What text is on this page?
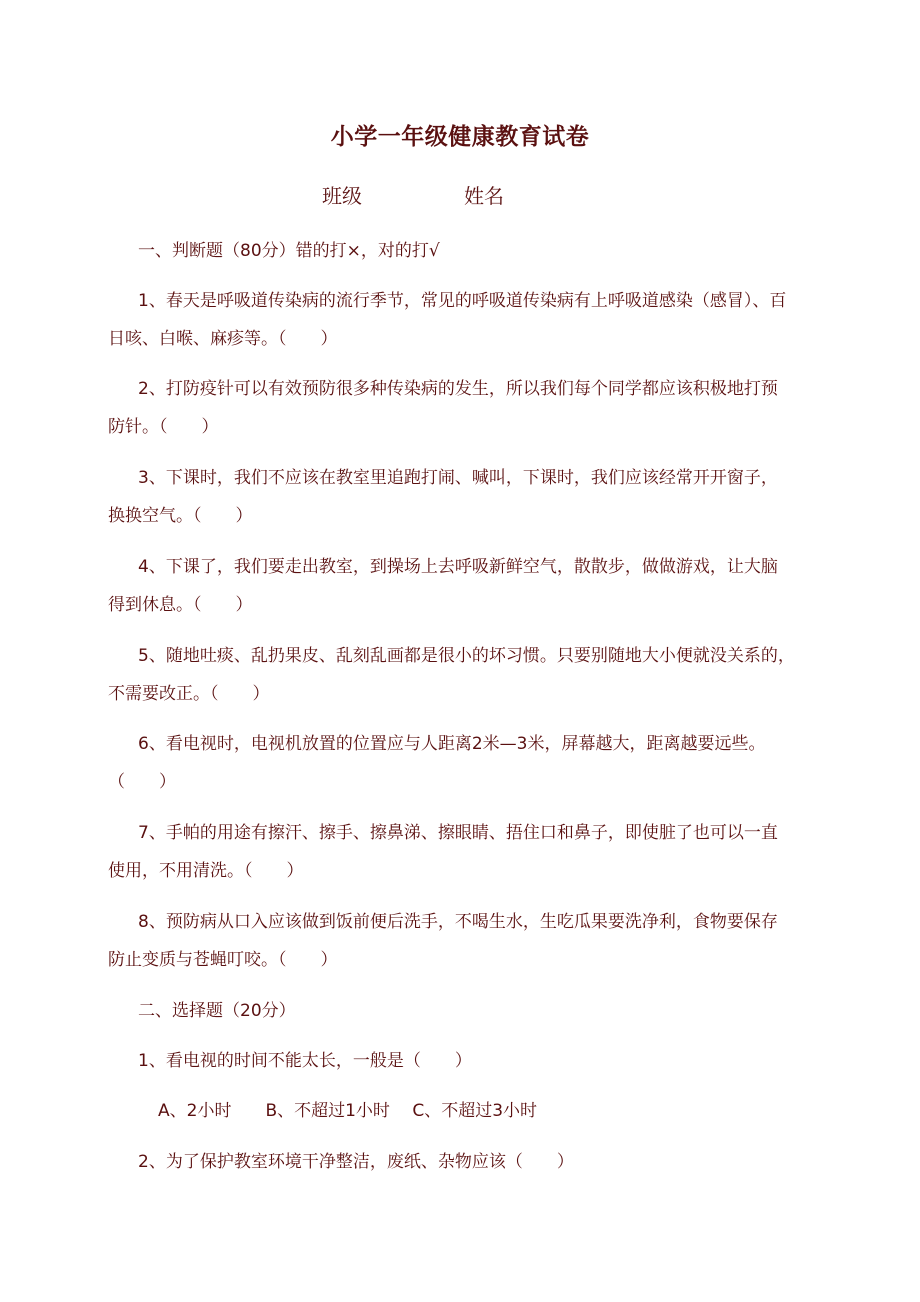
小学一年级健康教育试卷
班级	姓名
一、判断题（80分）错的打×，对的打√
1、春天是呼吸道传染病的流行季节，常见的呼吸道传染病有上呼吸道感染（感冒）、百
日咳、白喉、麻疹等。（　　）
2、打防疫针可以有效预防很多种传染病的发生，所以我们每个同学都应该积极地打预
防针。（　　）
3、下课时，我们不应该在教室里追跑打闹、喊叫，下课时，我们应该经常开开窗子，
换换空气。（　　）
4、下课了，我们要走出教室，到操场上去呼吸新鲜空气，散散步，做做游戏，让大脑
得到休息。（　　）
5、随地吐痰、乱扔果皮、乱刻乱画都是很小的坏习惯。只要别随地大小便就没关系的，
不需要改正。（　　）
6、看电视时，电视机放置的位置应与人距离2米—3米，屏幕越大，距离越要远些。
（　　）
7、手帕的用途有擦汗、擦手、擦鼻涕、擦眼睛、捂住口和鼻子，即使脏了也可以一直
使用，不用清洗。（　　）
8、预防病从口入应该做到饭前便后洗手，不喝生水，生吃瓜果要洗净利，食物要保存
防止变质与苍蝇叮咬。（　　）
二、选择题（20分）
1、看电视的时间不能太长，一般是（　　）
A、2小时　　B、不超过1小时　 C、不超过3小时
2、为了保护教室环境干净整洁，废纸、杂物应该（　　）
